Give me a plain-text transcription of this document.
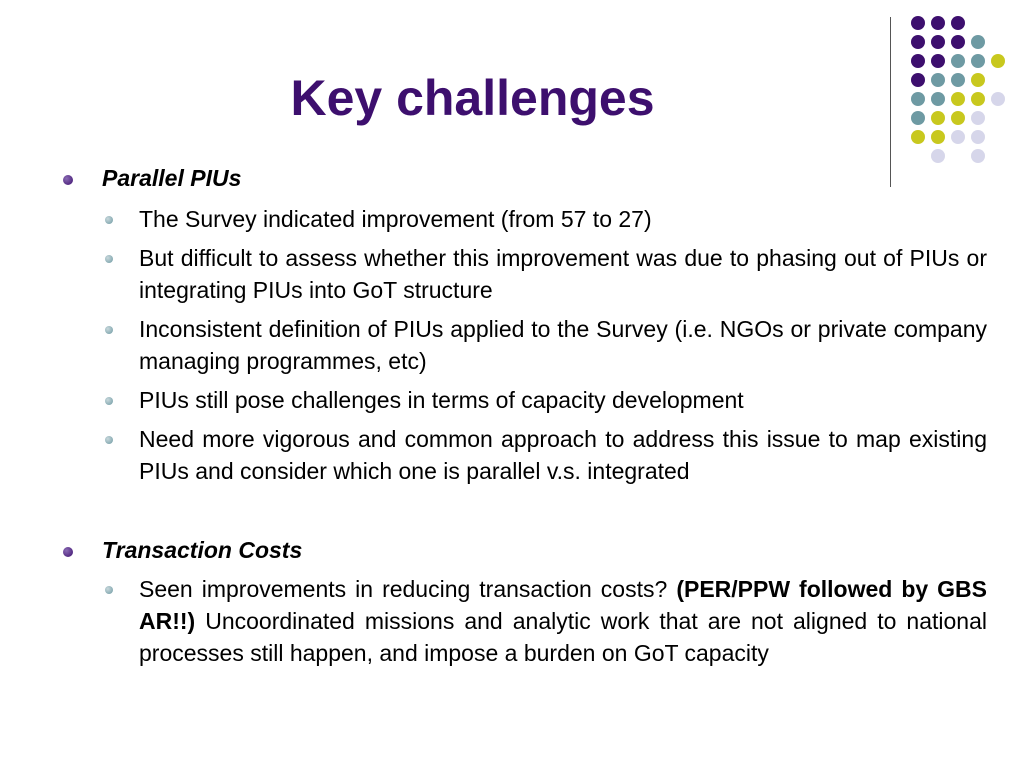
Key challenges
Parallel PIUs
The Survey indicated improvement (from 57 to 27)
But difficult to assess whether this improvement was due to phasing out of PIUs or integrating PIUs into GoT structure
Inconsistent definition of PIUs applied to the Survey (i.e. NGOs or private company managing programmes, etc)
PIUs still pose challenges in terms of capacity development
Need more vigorous and common approach to address this issue to map existing PIUs and consider which one is parallel v.s. integrated
Transaction Costs
Seen improvements in reducing transaction costs? (PER/PPW followed by GBS AR!!) Uncoordinated missions and analytic work that are not aligned to national processes still happen, and impose a burden on GoT capacity
